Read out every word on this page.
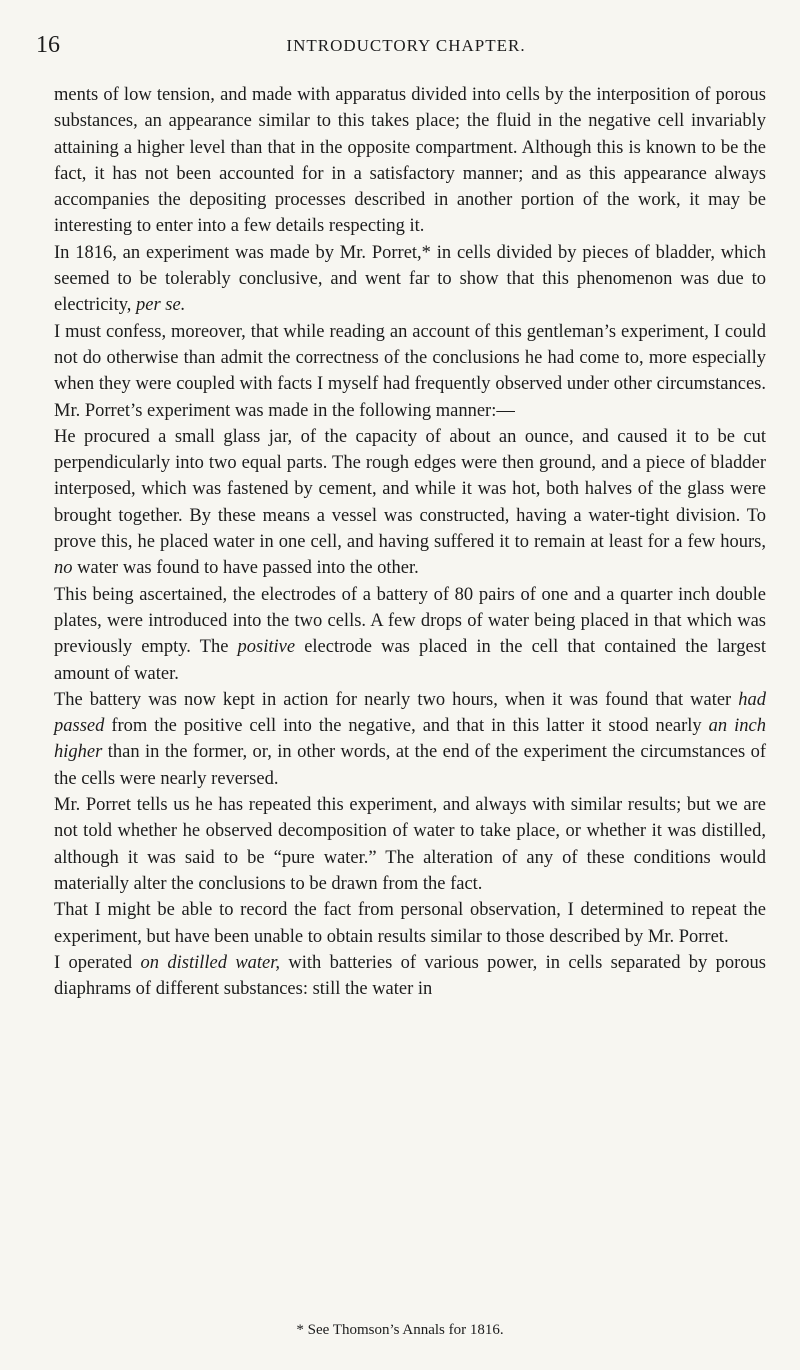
16	INTRODUCTORY CHAPTER.

ments of low tension, and made with apparatus divided into cells by the interposition of porous substances, an appearance similar to this takes place; the fluid in the negative cell invariably attaining a higher level than that in the opposite compartment. Although this is known to be the fact, it has not been accounted for in a satisfactory manner; and as this appearance always accompanies the depositing processes described in another portion of the work, it may be interesting to enter into a few details respecting it.

In 1816, an experiment was made by Mr. Porret,* in cells divided by pieces of bladder, which seemed to be tolerably conclusive, and went far to show that this phenomenon was due to electricity, per se.

I must confess, moreover, that while reading an account of this gentleman’s experiment, I could not do otherwise than admit the correctness of the conclusions he had come to, more especially when they were coupled with facts I myself had frequently observed under other circumstances. Mr. Porret’s experiment was made in the following manner:—

He procured a small glass jar, of the capacity of about an ounce, and caused it to be cut perpendicularly into two equal parts. The rough edges were then ground, and a piece of bladder interposed, which was fastened by cement, and while it was hot, both halves of the glass were brought together. By these means a vessel was constructed, having a water-tight division. To prove this, he placed water in one cell, and having suffered it to remain at least for a few hours, no water was found to have passed into the other.

This being ascertained, the electrodes of a battery of 80 pairs of one and a quarter inch double plates, were introduced into the two cells. A few drops of water being placed in that which was previously empty. The positive electrode was placed in the cell that contained the largest amount of water.

The battery was now kept in action for nearly two hours, when it was found that water had passed from the positive cell into the negative, and that in this latter it stood nearly an inch higher than in the former, or, in other words, at the end of the experiment the circumstances of the cells were nearly reversed.

Mr. Porret tells us he has repeated this experiment, and always with similar results; but we are not told whether he observed decomposition of water to take place, or whether it was distilled, although it was said to be “pure water.” The alteration of any of these conditions would materially alter the conclusions to be drawn from the fact.

That I might be able to record the fact from personal observation, I determined to repeat the experiment, but have been unable to obtain results similar to those described by Mr. Porret.

I operated on distilled water, with batteries of various power, in cells separated by porous diaphrams of different substances: still the water in

* See Thomson’s Annals for 1816.
